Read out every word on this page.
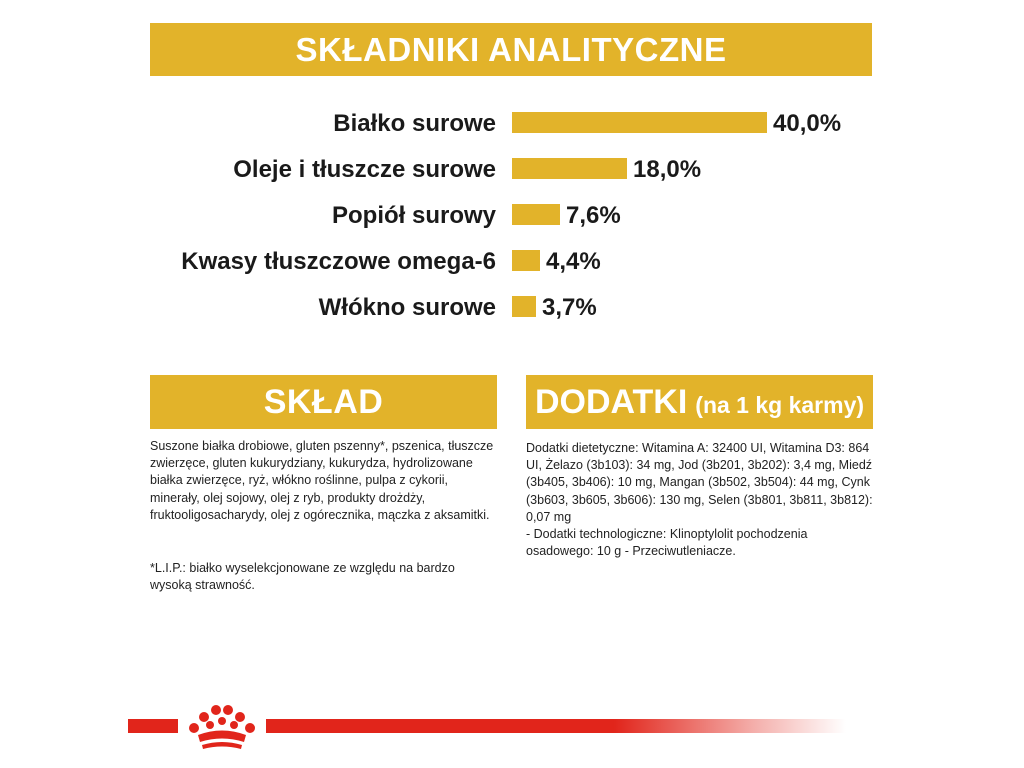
SKŁADNIKI ANALITYCZNE
Białko surowe	40,0%
Oleje i tłuszcze surowe	18,0%
Popiół surowy	7,6%
Kwasy tłuszczowe omega-6 4,4%
Włókno surowe 3,7%
SKŁAD	DODATKI (na 1 kg karmy)

Suszone białka drobiowe, gluten pszenny*, pszenica, tłuszcze zwierzęce, gluten kukurydziany, kukurydza, hydrolizowane białka zwierzęce, ryż, włókno roślinne, pulpa z cykorii, minerały, olej sojowy, olej z ryb, produkty drożdży, fruktooligosacharydy, olej z ogórecznika, mączka z aksamitki.

*L.I.P.: białko wyselekcjonowane ze względu na bardzo wysoką strawność.

Dodatki dietetyczne: Witamina A: 32400 UI, Witamina D3: 864 UI, Żelazo (3b103): 34 mg, Jod (3b201, 3b202): 3,4 mg, Miedź (3b405, 3b406): 10 mg, Mangan (3b502, 3b504): 44 mg, Cynk (3b603, 3b605, 3b606): 130 mg, Selen (3b801, 3b811, 3b812): 0,07 mg

- Dodatki technologiczne: Klinoptylolit pochodzenia osadowego: 10 g - Przeciwutleniacze.
